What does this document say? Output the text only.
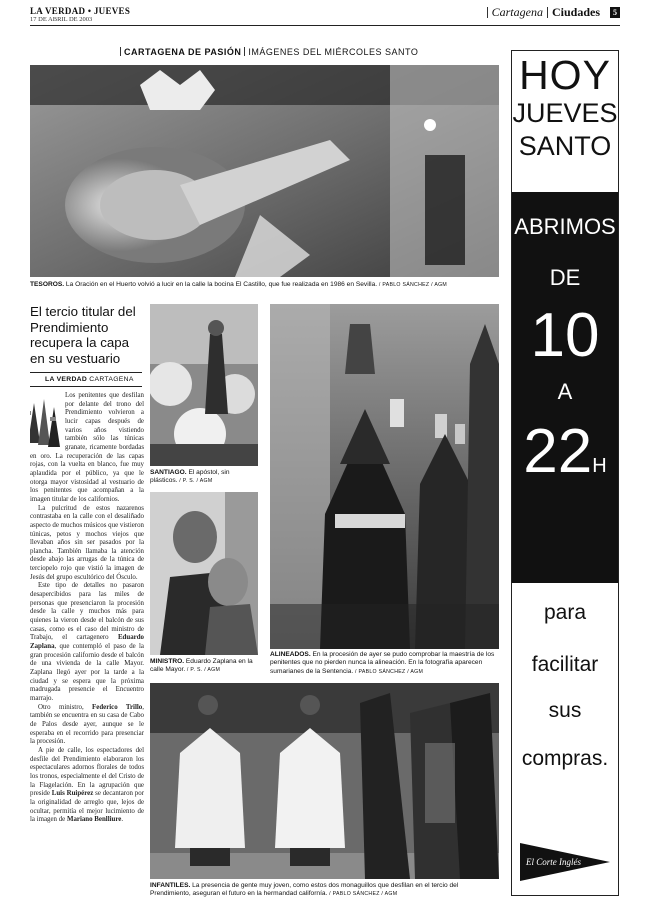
LA VERDAD • JUEVES
17 DE ABRIL DE 2003
Cartagena Ciudades	5
CARTAGENA DE PASIÓN IMÁGENES DEL MIÉRCOLES SANTO
TESOROS. La Oración en el Huerto volvió a lucir en la calle la bocina El Castillo, que fue realizada en 1986 en Sevilla. / PABLO SÁNCHEZ / AGM
El tercio titular del Prendimiento recupera la capa en su vestuario
LA VERDAD CARTAGENA

Los penitentes que desfilan por delante del trono del Prendimiento volvieron a lucir capas después de varios años vistiendo también sólo las túnicas granate, ricamente bordadas en oro. La recuperación de las capas rojas, con la vuelta en blanco, fue muy aplaudida por el público, ya que le otorga mayor vistosidad al vestuario de los penitentes que acompañan a la imagen titular de los californios.

La pulcritud de estos nazarenos contrastaba en la calle con el desaliñado aspecto de muchos músicos que vistieron túnicas, petos y mochos viejos que llevaban años sin ser pasados por la plancha. También llamaba la atención desde abajo las arrugas de la túnica de terciopelo rojo que vistió la imagen de Jesús del grupo escultórico del Ósculo.

Este tipo de detalles no pasaron desapercibidos para las miles de personas que presenciaron la procesión desde la calle y muchos más para quienes la vieron desde el balcón de sus casas, como es el caso del ministro de Trabajo, el cartagenero Eduardo Zaplana, que contempló el paso de la gran procesión californio desde el balcón de una vivienda de la calle Mayor. Zaplana llegó ayer por la tarde a la ciudad y se espera que la próxima madrugada presencie el Encuentro marrajo.

Otro ministro, Federico Trillo, también se encuentra en su casa de Cabo de Palos desde ayer, aunque se le esperaba en el recorrido para presenciar la procesión.

A pie de calle, los espectadores del desfile del Prendimiento elaboraron los espectaculares adornos florales de todos los tronos, especialmente el del Cristo de la Flagelación. En la agrupación que preside Luis Ruipérez se decantaron por la originalidad de arreglo que, lejos de ocultar, permitía el mejor lucimiento de la imagen de Mariano Benlliure.

SANTIAGO. El apóstol, sin plásticos. / P. S. / AGM
MINISTRO. Eduardo Zaplana en la calle Mayor. / P. S. / AGM
ALINEADOS. En la procesión de ayer se pudo comprobar la maestría de los penitentes que no pierden nunca la alineación. En la fotografía aparecen sumarianes de la Sentencia. / PABLO SÁNCHEZ / AGM
INFANTILES. La presencia de gente muy joven, como estos dos monaguillos que desfilan en el tercio del Prendimiento, aseguran el futuro en la hermandad californía. / PABLO SÁNCHEZ / AGM
HOY
JUEVES
SANTO
ABRIMOS
DE
10
A
22H
para
facilitar
sus
compras.
El Corte Inglés
